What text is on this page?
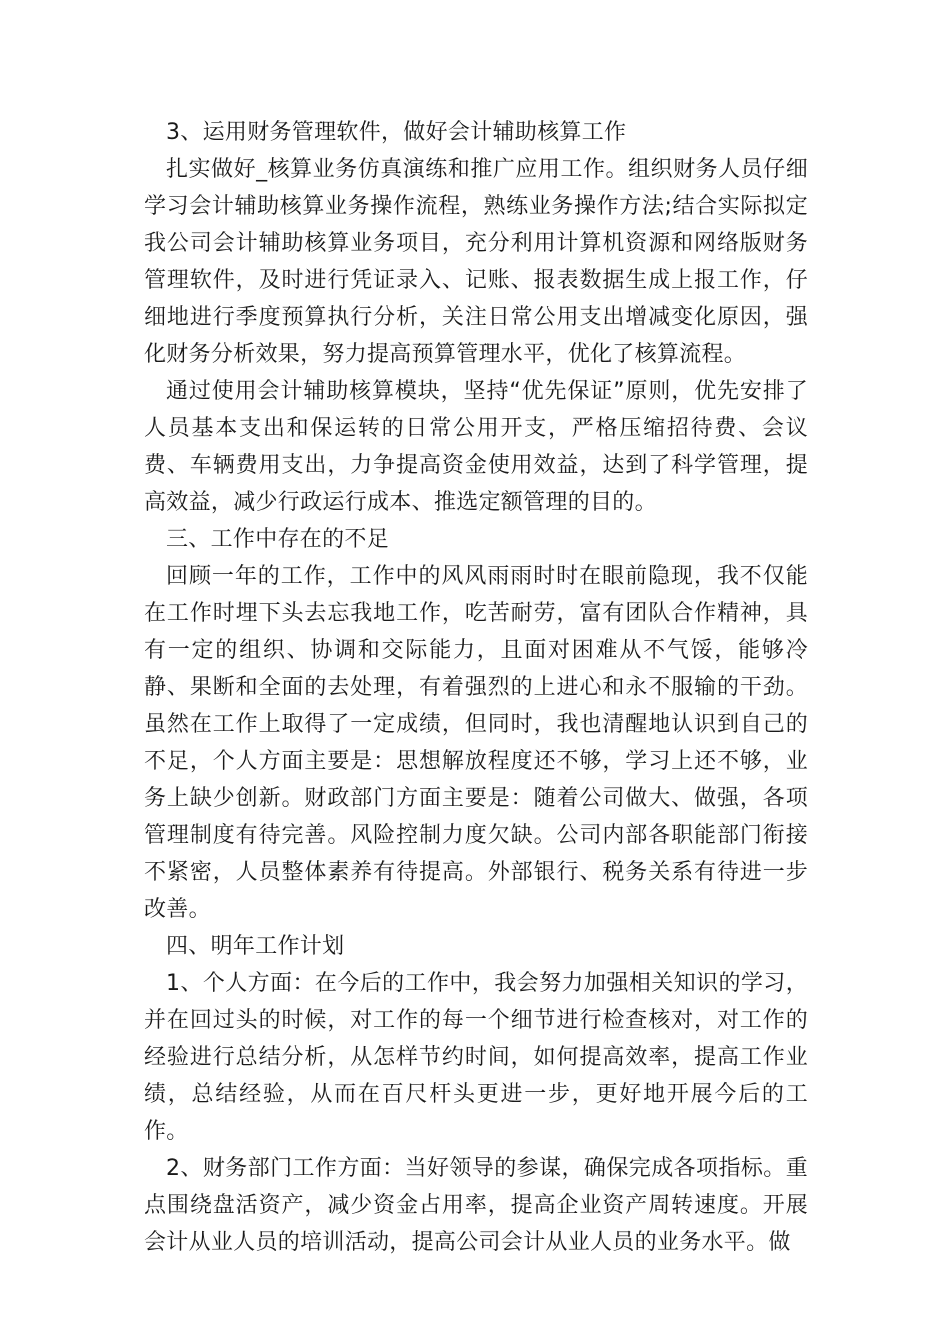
3、运用财务管理软件，做好会计辅助核算工作

扎实做好_核算业务仿真演练和推广应用工作。组织财务人员仔细学习会计辅助核算业务操作流程，熟练业务操作方法;结合实际拟定我公司会计辅助核算业务项目，充分利用计算机资源和网络版财务管理软件，及时进行凭证录入、记账、报表数据生成上报工作，仔细地进行季度预算执行分析，关注日常公用支出增减变化原因，强化财务分析效果，努力提高预算管理水平，优化了核算流程。

通过使用会计辅助核算模块，坚持“优先保证”原则，优先安排了人员基本支出和保运转的日常公用开支，严格压缩招待费、会议费、车辆费用支出，力争提高资金使用效益，达到了科学管理，提高效益，减少行政运行成本、推选定额管理的目的。

三、工作中存在的不足

回顾一年的工作，工作中的风风雨雨时时在眼前隐现，我不仅能在工作时埋下头去忘我地工作，吃苦耐劳，富有团队合作精神，具有一定的组织、协调和交际能力，且面对困难从不气馁，能够冷静、果断和全面的去处理，有着强烈的上进心和永不服输的干劲。虽然在工作上取得了一定成绩，但同时，我也清醒地认识到自己的不足，个人方面主要是：思想解放程度还不够，学习上还不够，业务上缺少创新。财政部门方面主要是：随着公司做大、做强，各项管理制度有待完善。风险控制力度欠缺。公司内部各职能部门衔接不紧密，人员整体素养有待提高。外部银行、税务关系有待进一步改善。

四、明年工作计划

1、个人方面：在今后的工作中，我会努力加强相关知识的学习，并在回过头的时候，对工作的每一个细节进行检查核对，对工作的经验进行总结分析，从怎样节约时间，如何提高效率，提高工作业绩，总结经验，从而在百尺杆头更进一步，更好地开展今后的工作。

2、财务部门工作方面：当好领导的参谋，确保完成各项指标。重点围绕盘活资产，减少资金占用率，提高企业资产周转速度。开展会计从业人员的培训活动，提高公司会计从业人员的业务水平。做
